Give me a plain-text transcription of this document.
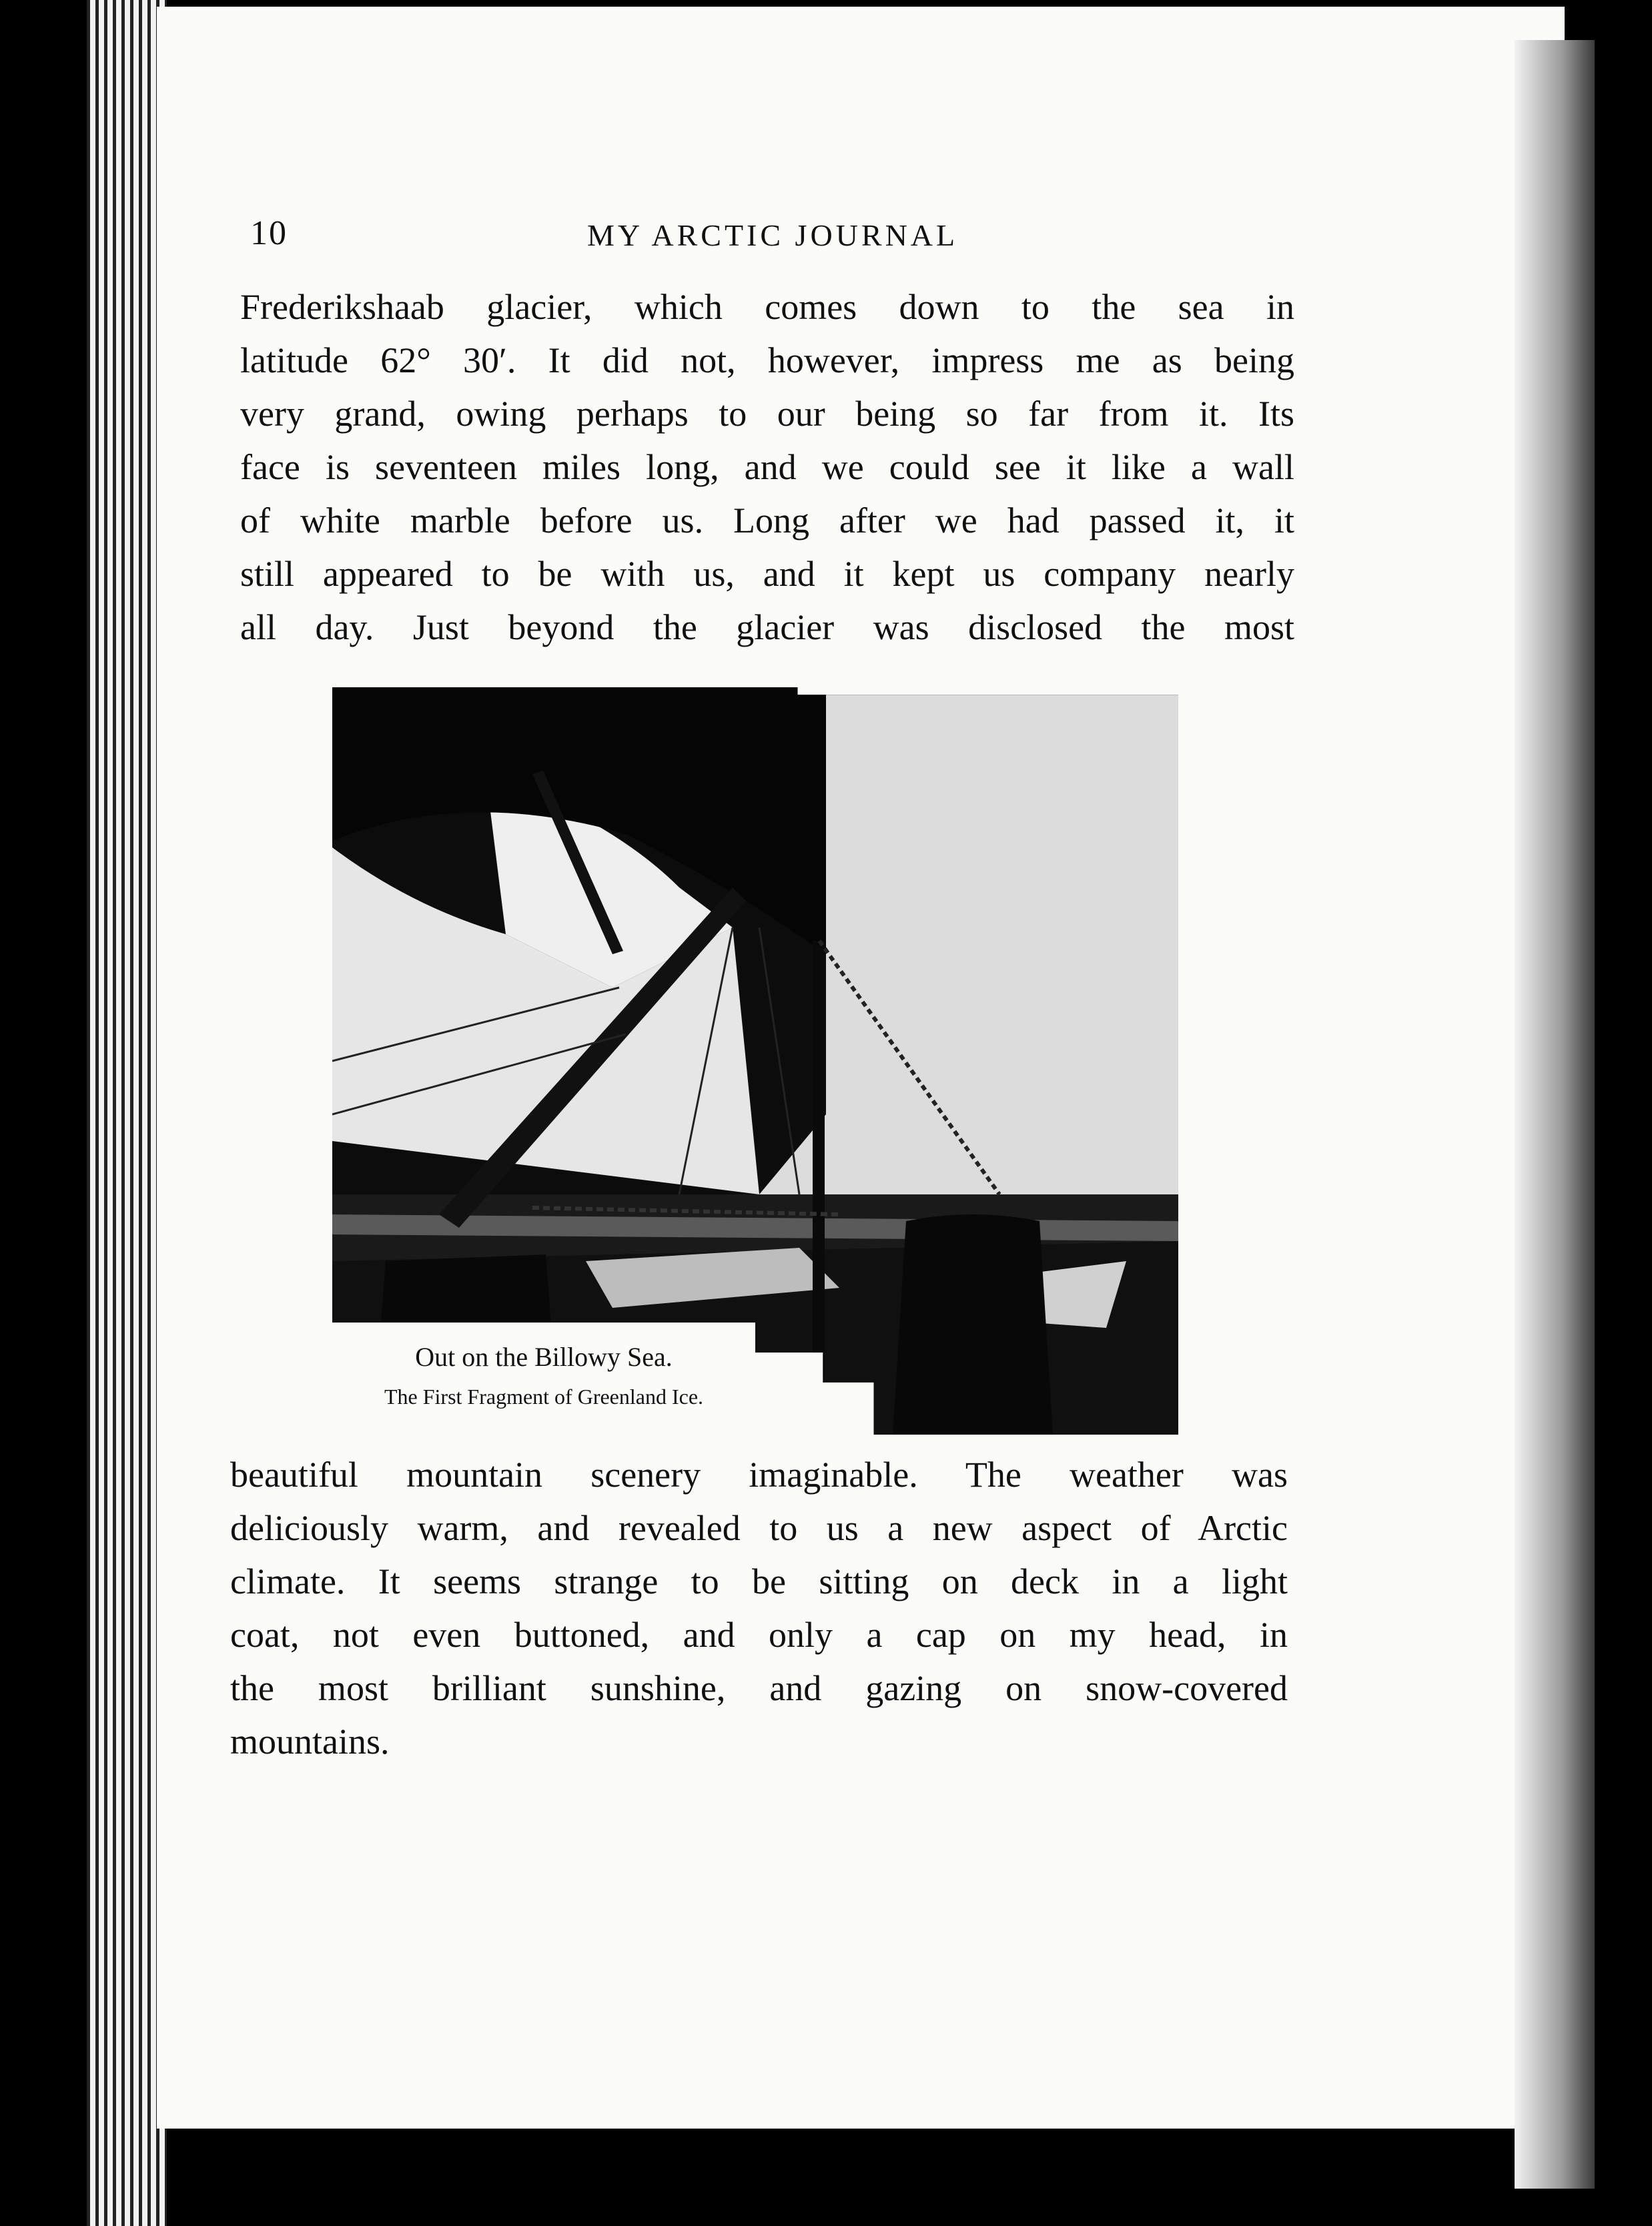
10	MY ARCTIC JOURNAL

Frederikshaab glacier, which comes down to the sea in

latitude 62° 30′. It did not, however, impress me as being

very grand, owing perhaps to our being so far from it. Its

face is seventeen miles long, and we could see it like a wall

of white marble before us. Long after we had passed it, it

still appeared to be with us, and it kept us company nearly

all day. Just beyond the glacier was disclosed the most

Out on the Billowy Sea.
The First Fragment of Greenland Ice.

beautiful mountain scenery imaginable. The weather was

deliciously warm, and revealed to us a new aspect of Arctic

climate. It seems strange to be sitting on deck in a light

coat, not even buttoned, and only a cap on my head, in

the most brilliant sunshine, and gazing on snow-covered

mountains.
